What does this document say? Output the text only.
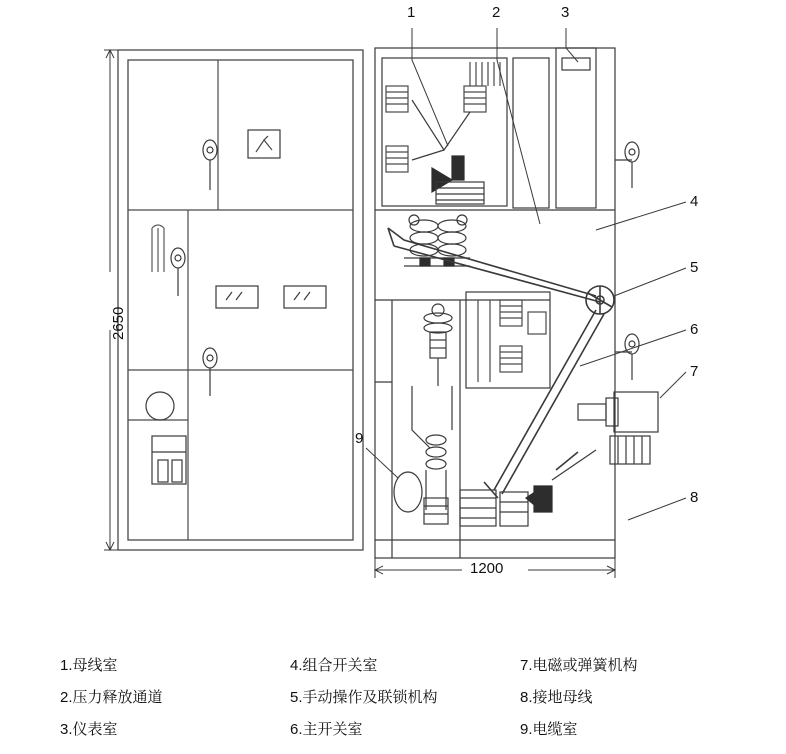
2650
1200
1	2	3
4
5
6
7
8
9
1.母线室	4.组合开关室	7.电磁或弹簧机构
2.压力释放通道	5.手动操作及联锁机构	8.接地母线
3.仪表室	6.主开关室	9.电缆室
